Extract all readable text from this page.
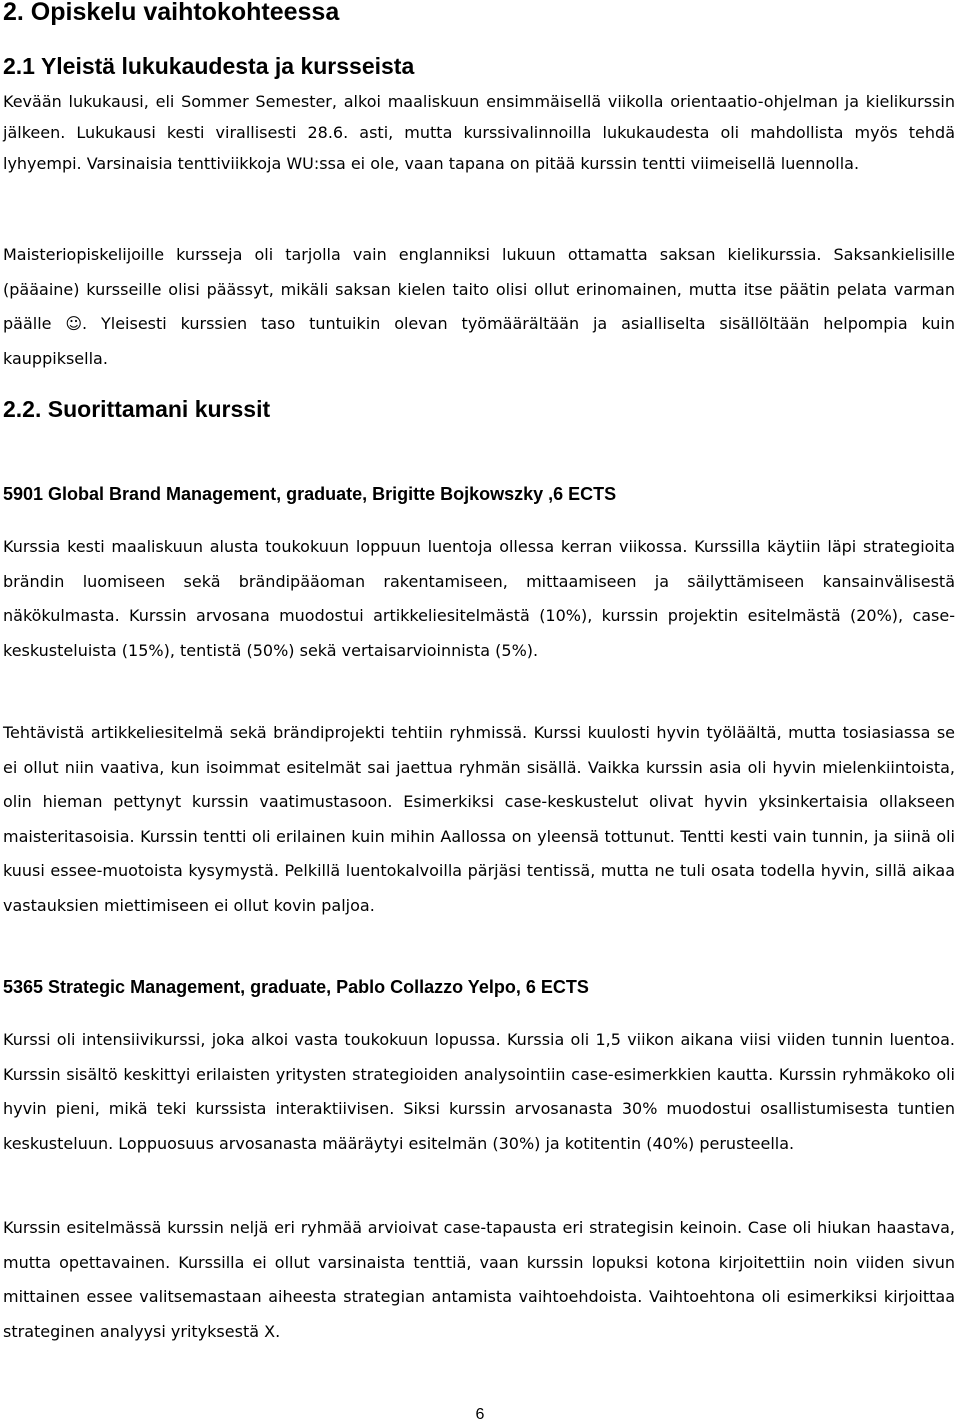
2. Opiskelu vaihtokohteessa
2.1 Yleistä lukukaudesta ja kursseista

Kevään lukukausi, eli Sommer Semester, alkoi maaliskuun ensimmäisellä viikolla orientaatio-ohjelman ja kielikurssin jälkeen. Lukukausi kesti virallisesti 28.6. asti, mutta kurssivalinnoilla lukukaudesta oli mahdollista myös tehdä lyhyempi. Varsinaisia tenttiviikkoja WU:ssa ei ole, vaan tapana on pitää kurssin tentti viimeisellä luennolla.

Maisteriopiskelijoille kursseja oli tarjolla vain englanniksi lukuun ottamatta saksan kielikurssia. Saksankielisille (pääaine) kursseille olisi päässyt, mikäli saksan kielen taito olisi ollut erinomainen, mutta itse päätin pelata varman päälle ☺. Yleisesti kurssien taso tuntuikin olevan työmäärältään ja asialliselta sisällöltään helpompia kuin kauppiksella.

2.2. Suorittamani kurssit
5901 Global Brand Management, graduate, Brigitte Bojkowszky ,6 ECTS

Kurssia kesti maaliskuun alusta toukokuun loppuun luentoja ollessa kerran viikossa. Kurssilla käytiin läpi strategioita brändin luomiseen sekä brändipääoman rakentamiseen, mittaamiseen ja säilyttämiseen kansainvälisestä näkökulmasta. Kurssin arvosana muodostui artikkeliesitelmästä (10%), kurssin projektin esitelmästä (20%), case-keskusteluista (15%), tentistä (50%) sekä vertaisarvioinnista (5%).

Tehtävistä artikkeliesitelmä sekä brändiprojekti tehtiin ryhmissä. Kurssi kuulosti hyvin työläältä, mutta tosiasiassa se ei ollut niin vaativa, kun isoimmat esitelmät sai jaettua ryhmän sisällä. Vaikka kurssin asia oli hyvin mielenkiintoista, olin hieman pettynyt kurssin vaatimustasoon. Esimerkiksi case-keskustelut olivat hyvin yksinkertaisia ollakseen maisteritasoisia. Kurssin tentti oli erilainen kuin mihin Aallossa on yleensä tottunut. Tentti kesti vain tunnin, ja siinä oli kuusi essee-muotoista kysymystä. Pelkillä luentokalvoilla pärjäsi tentissä, mutta ne tuli osata todella hyvin, sillä aikaa vastauksien miettimiseen ei ollut kovin paljoa.

5365 Strategic Management, graduate, Pablo Collazzo Yelpo, 6 ECTS

Kurssi oli intensiivikurssi, joka alkoi vasta toukokuun lopussa. Kurssia oli 1,5 viikon aikana viisi viiden tunnin luentoa. Kurssin sisältö keskittyi erilaisten yritysten strategioiden analysointiin case-esimerkkien kautta. Kurssin ryhmäkoko oli hyvin pieni, mikä teki kurssista interaktiivisen. Siksi kurssin arvosanasta 30% muodostui osallistumisesta tuntien keskusteluun. Loppuosuus arvosanasta määräytyi esitelmän (30%) ja kotitentin (40%) perusteella.

Kurssin esitelmässä kurssin neljä eri ryhmää arvioivat case-tapausta eri strategisin keinoin. Case oli hiukan haastava, mutta opettavainen. Kurssilla ei ollut varsinaista tenttiä, vaan kurssin lopuksi kotona kirjoitettiin noin viiden sivun mittainen essee valitsemastaan aiheesta strategian antamista vaihtoehdoista. Vaihtoehtona oli esimerkiksi kirjoittaa strateginen analyysi yrityksestä X.

6
